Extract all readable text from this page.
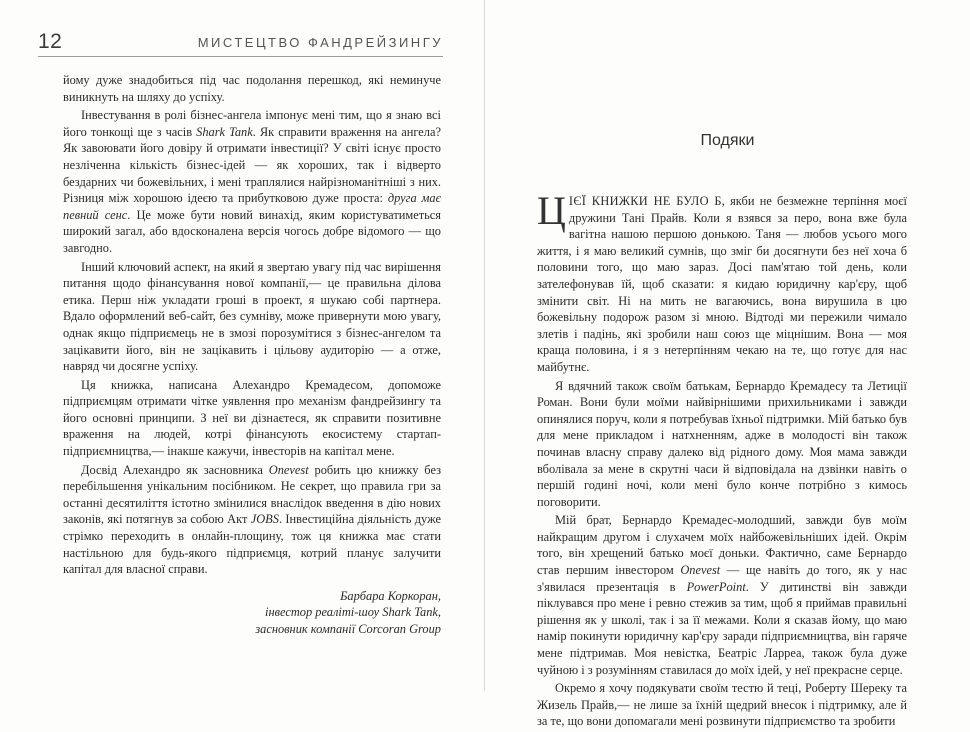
12	МИСТЕЦТВО ФАНДРЕЙЗИНГУ
Подяки

йому дуже знадобиться під час подолання перешкод, які неминуче виникнуть на шляху до успіху.

Інвестування в ролі бізнес-ангела імпонує мені тим, що я знаю всі його тонкощі ще з часів Shark Tank. Як справити враження на ангела? Як завоювати його довіру й отримати інвестиції? У світі існує просто незліченна кількість бізнес-ідей — як хороших, так і відверто бездарних чи божевільних, і мені траплялися найрізноманітніші з них. Різниця між хорошою ідеєю та прибутковою дуже проста: друга має певний сенс. Це може бути новий винахід, яким користуватиметься широкий загал, або вдосконалена версія чогось добре відомого — що завгодно.

Інший ключовий аспект, на який я звертаю увагу під час вирішення питання щодо фінансування нової компанії,— це правильна ділова етика. Перш ніж укладати гроші в проект, я шукаю собі партнера. Вдало оформлений веб-сайт, без сумніву, може привернути мою увагу, однак якщо підприємець не в змозі порозумітися з бізнес-ангелом та зацікавити його, він не зацікавить і цільову аудиторію — а отже, навряд чи досягне успіху.

Ця книжка, написана Алехандро Кремадесом, допоможе підприємцям отримати чітке уявлення про механізм фандрейзингу та його основні принципи. З неї ви дізнаєтеся, як справити позитивне враження на людей, котрі фінансують екосистему стартап-підприємництва,— інакше кажучи, інвесторів на капітал мене.

Досвід Алехандро як засновника Onevest робить цю книжку без перебільшення унікальним посібником. Не секрет, що правила гри за останні десятиліття істотно змінилися внаслідок введення в дію нових законів, які потягнув за собою Акт JOBS. Інвестиційна діяльність дуже стрімко переходить в онлайн-площину, тож ця книжка має стати настільною для будь-якого підприємця, котрий планує залучити капітал для власної справи.

Барбара Коркоран,
інвестор реаліті-шоу Shark Tank,
засновник компанії Corcoran Group

ЦІЄЇ КНИЖКИ НЕ БУЛО Б, якби не безмежне терпіння моєї дружини Тані Прайв. Коли я взявся за перо, вона вже була вагітна нашою першою донькою. Таня — любов усього мого життя, і я маю великий сумнів, що зміг би досягнути без неї хоча б половини того, що маю зараз. Досі пам'ятаю той день, коли зателефонував їй, щоб сказати: я кидаю юридичну кар'єру, щоб змінити світ. Ні на мить не вагаючись, вона вирушила в цю божевільну подорож разом зі мною. Відтоді ми пережили чимало злетів і падінь, які зробили наш союз ще міцнішим. Вона — моя краща половина, і я з нетерпінням чекаю на те, що готує для нас майбутнє.

Я вдячний також своїм батькам, Бернардо Кремадесу та Летиції Роман. Вони були моїми найвірнішими прихильниками і завжди опинялися поруч, коли я потребував їхньої підтримки. Мій батько був для мене прикладом і натхненням, адже в молодості він також починав власну справу далеко від рідного дому. Моя мама завжди вболівала за мене в скрутні часи й відповідала на дзвінки навіть о першій годині ночі, коли мені було конче потрібно з кимось поговорити.

Мій брат, Бернардо Кремадес-молодший, завжди був моїм найкращим другом і слухачем моїх найбожевільніших ідей. Окрім того, він хрещений батько моєї доньки. Фактично, саме Бернардо став першим інвестором Onevest — ще навіть до того, як у нас з'явилася презентація в PowerPoint. У дитинстві він завжди піклувався про мене і ревно стежив за тим, щоб я приймав правильні рішення як у школі, так і за її межами. Коли я сказав йому, що маю намір покинути юридичну кар'єру заради підприємництва, він гаряче мене підтримав. Моя невістка, Беатріс Ларреа, також була дуже чуйною і з розумінням ставилася до моїх ідей, у неї прекрасне серце.

Окремо я хочу подякувати своїм тестю й теці, Роберту Шереку та Жизель Прайв,— не лише за їхній щедрий внесок і підтримку, але й за те, що вони допомагали мені розвинути підприємство та зробити
